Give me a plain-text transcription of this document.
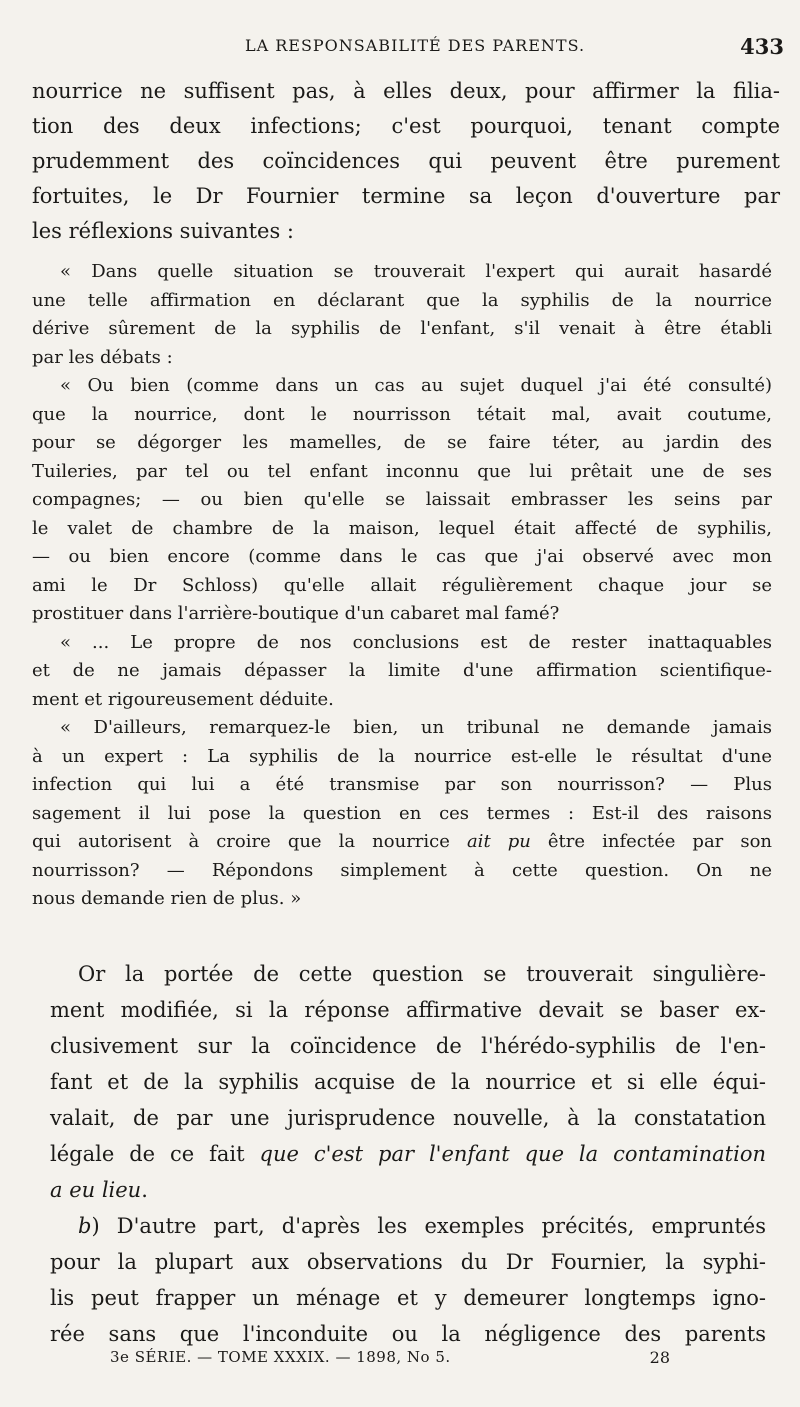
LA RESPONSABILITÉ DES PARENTS.	433
nourrice ne suffisent pas, à elles deux, pour affirmer la filia-
tion des deux infections; c'est pourquoi, tenant compte
prudemment des coïncidences qui peuvent être purement
fortuites, le Dr Fournier termine sa leçon d'ouverture par
les réflexions suivantes :
« Dans quelle situation se trouverait l'expert qui aurait hasardé
une telle affirmation en déclarant que la syphilis de la nourrice
dérive sûrement de la syphilis de l'enfant, s'il venait à être établi
par les débats :
« Ou bien (comme dans un cas au sujet duquel j'ai été consulté)
que la nourrice, dont le nourrisson tétait mal, avait coutume,
pour se dégorger les mamelles, de se faire téter, au jardin des
Tuileries, par tel ou tel enfant inconnu que lui prêtait une de ses
compagnes; — ou bien qu'elle se laissait embrasser les seins par
le valet de chambre de la maison, lequel était affecté de syphilis,
— ou bien encore (comme dans le cas que j'ai observé avec mon
ami le Dr Schloss) qu'elle allait régulièrement chaque jour se
prostituer dans l'arrière-boutique d'un cabaret mal famé?
« ... Le propre de nos conclusions est de rester inattaquables
et de ne jamais dépasser la limite d'une affirmation scientifique-
ment et rigoureusement déduite.
« D'ailleurs, remarquez-le bien, un tribunal ne demande jamais
à un expert : La syphilis de la nourrice est-elle le résultat d'une
infection qui lui a été transmise par son nourrisson? — Plus
sagement il lui pose la question en ces termes : Est-il des raisons
qui autorisent à croire que la nourrice ait pu être infectée par son
nourrisson? — Répondons simplement à cette question. On ne
nous demande rien de plus. »
Or la portée de cette question se trouverait singulière-
ment modifiée, si la réponse affirmative devait se baser ex-
clusivement sur la coïncidence de l'hérédo-syphilis de l'en-
fant et de la syphilis acquise de la nourrice et si elle équi-
valait, de par une jurisprudence nouvelle, à la constatation
légale de ce fait que c'est par l'enfant que la contamination
a eu lieu.
b) D'autre part, d'après les exemples précités, empruntés
pour la plupart aux observations du Dr Fournier, la syphi-
lis peut frapper un ménage et y demeurer longtemps igno-
rée sans que l'inconduite ou la négligence des parents
3e SÉRIE. — TOME XXXIX. — 1898, No 5.	28
